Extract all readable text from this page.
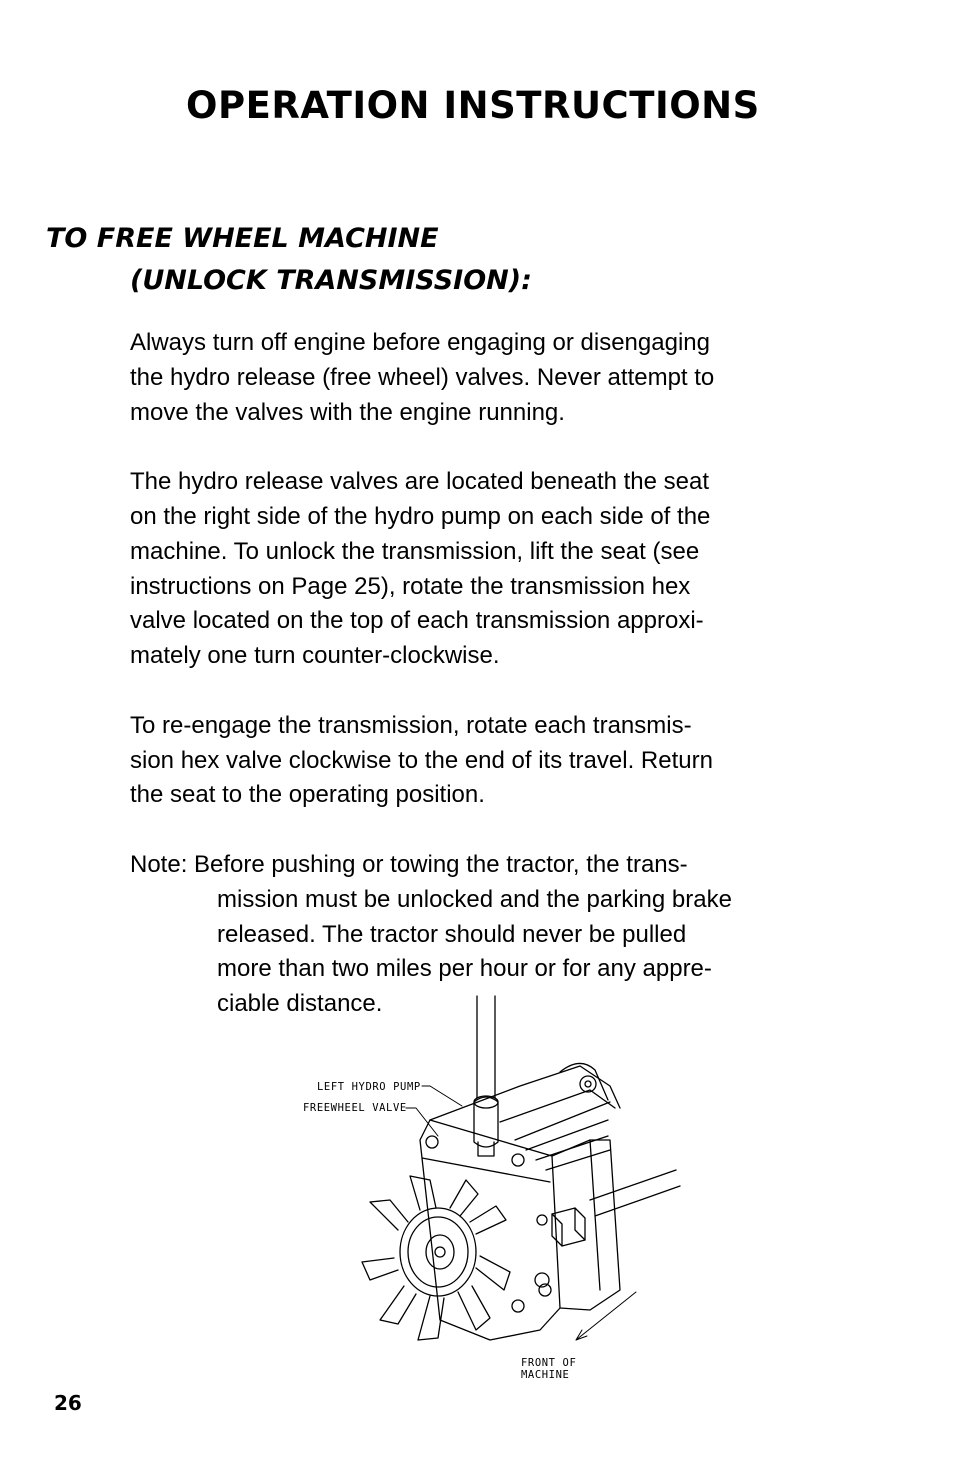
OPERATION INSTRUCTIONS
TO FREE WHEEL MACHINE
(UNLOCK TRANSMISSION):

Always turn off engine before engaging or disengaging
the hydro release (free wheel) valves. Never attempt to
move the valves with the engine running.

The hydro release valves are located beneath the seat
on the right side of the hydro pump on each side of the
machine. To unlock the transmission, lift the seat (see
instructions on Page 25), rotate the transmission hex
valve located on the top of each transmission approxi-
mately one turn counter-clockwise.

To re-engage the transmission, rotate each transmis-
sion hex valve clockwise to the end of its travel. Return
the seat to the operating position.

Note: Before pushing or towing the tractor, the trans-
mission must be unlocked and the parking brake
released. The tractor should never be pulled
more than two miles per hour or for any appre-
ciable distance.

LEFT HYDRO PUMP
FREEWHEEL VALVE
FRONT OF
MACHINE
26
